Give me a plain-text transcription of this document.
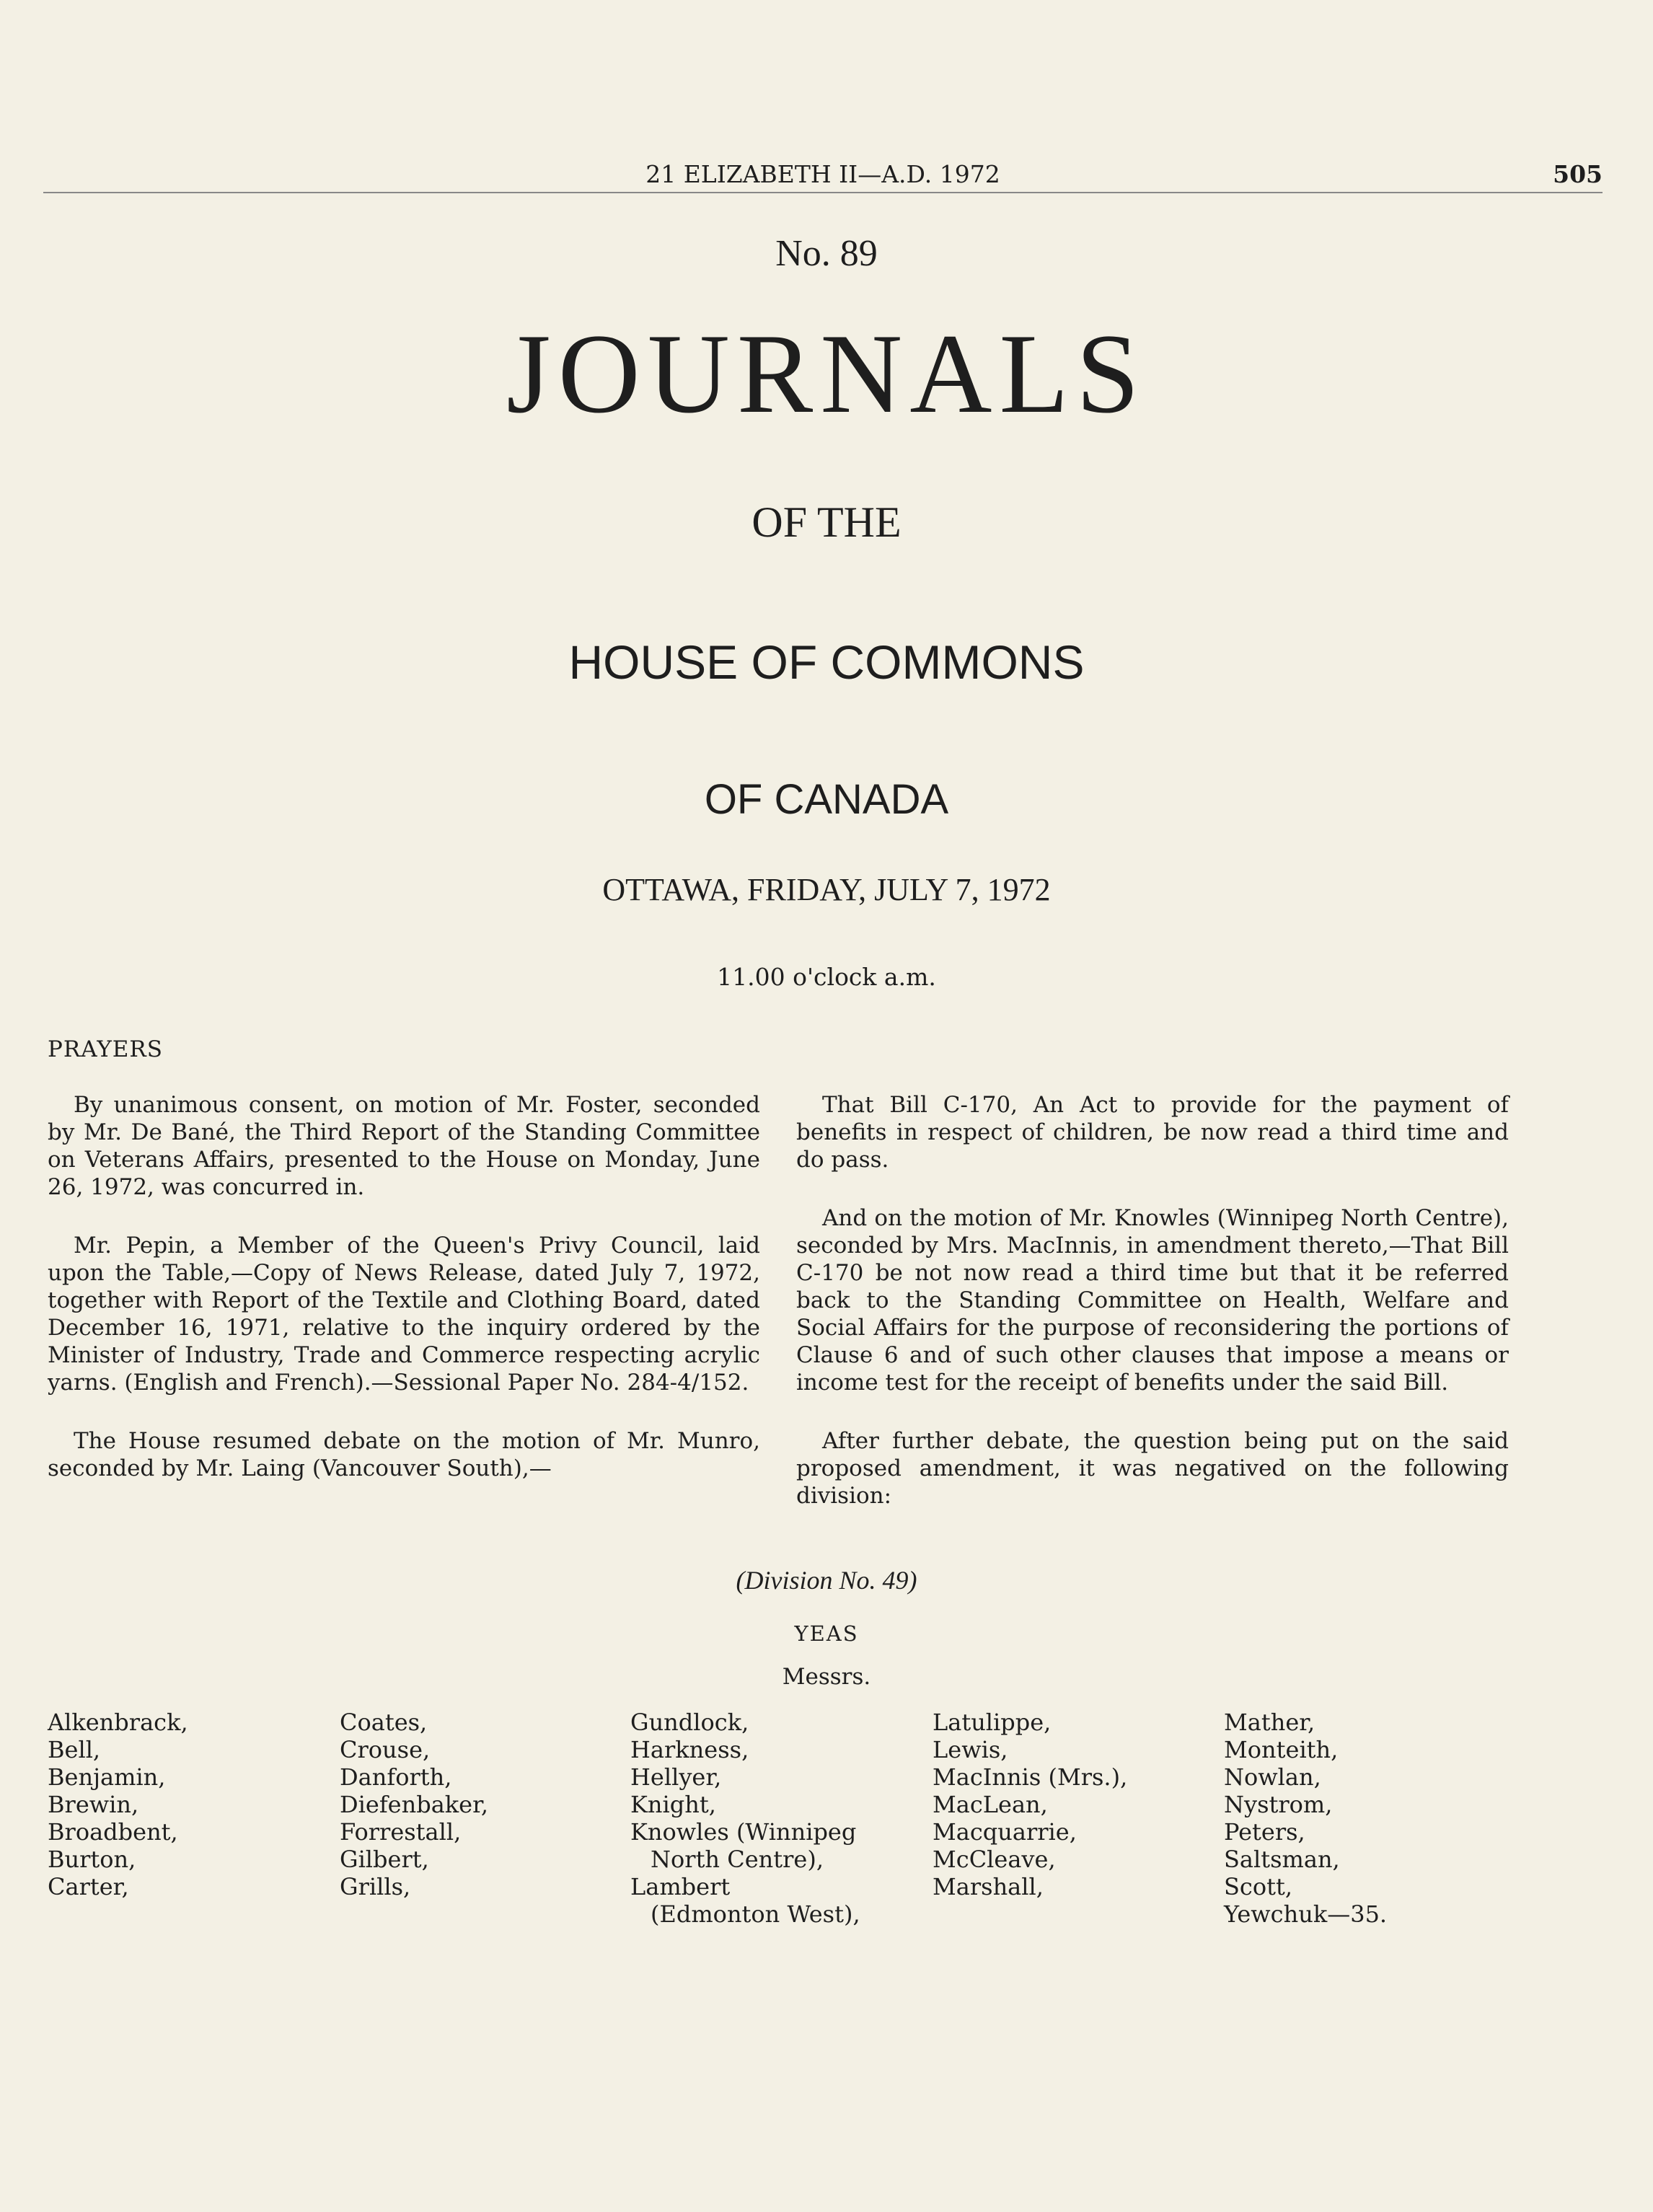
21 ELIZABETH II—A.D. 1972	505
No. 89
JOURNALS
OF THE
HOUSE OF COMMONS
OF CANADA
OTTAWA, FRIDAY, JULY 7, 1972
11.00 o'clock a.m.
PRAYERS

By unanimous consent, on motion of Mr. Foster, seconded by Mr. De Bané, the Third Report of the Standing Committee on Veterans Affairs, presented to the House on Monday, June 26, 1972, was concurred in.

Mr. Pepin, a Member of the Queen's Privy Council, laid upon the Table,—Copy of News Release, dated July 7, 1972, together with Report of the Textile and Clothing Board, dated December 16, 1971, relative to the inquiry ordered by the Minister of Industry, Trade and Commerce respecting acrylic yarns. (English and French).—Sessional Paper No. 284-4/152.

The House resumed debate on the motion of Mr. Munro, seconded by Mr. Laing (Vancouver South),—

That Bill C-170, An Act to provide for the payment of benefits in respect of children, be now read a third time and do pass.

And on the motion of Mr. Knowles (Winnipeg North Centre), seconded by Mrs. MacInnis, in amendment thereto,—That Bill C-170 be not now read a third time but that it be referred back to the Standing Committee on Health, Welfare and Social Affairs for the purpose of reconsidering the portions of Clause 6 and of such other clauses that impose a means or income test for the receipt of benefits under the said Bill.

After further debate, the question being put on the said proposed amendment, it was negatived on the following division:

(Division No. 49)
YEAS
Messrs.
Alkenbrack,
Bell,
Benjamin,
Brewin,
Broadbent,
Burton,
Carter,
Coates,
Crouse,
Danforth,
Diefenbaker,
Forrestall,
Gilbert,
Grills,
Gundlock,
Harkness,
Hellyer,
Knight,
Knowles (Winnipeg
North Centre),
Lambert
(Edmonton West),
Latulippe,
Lewis,
MacInnis (Mrs.),
MacLean,
Macquarrie,
McCleave,
Marshall,
Mather,
Monteith,
Nowlan,
Nystrom,
Peters,
Saltsman,
Scott,
Yewchuk—35.
